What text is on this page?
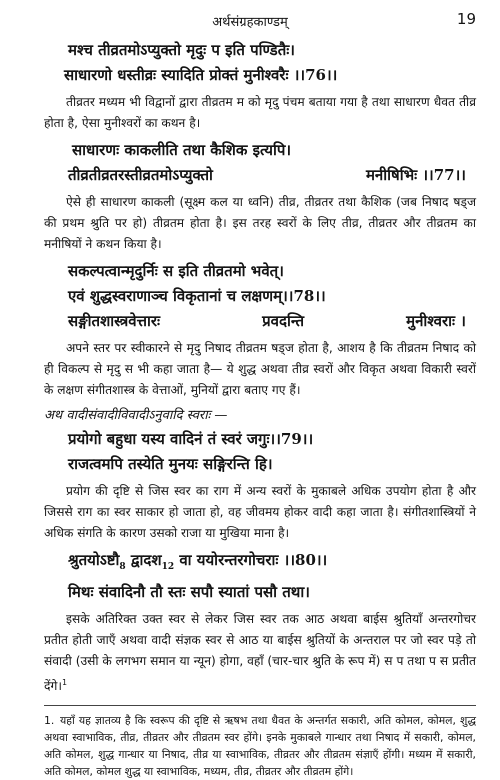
अर्थसंग्रहकाण्डम्	19
मश्च तीव्रतमोऽप्युक्तो मृदुः प इति पण्डितैः।
साधारणो धस्तीव्रः स्यादिति प्रोक्तं मुनीश्वरैः ।।76।।

तीव्रतर मध्यम भी विद्वानों द्वारा तीव्रतम म को मृदु पंचम बताया गया है तथा साधारण धैवत तीव्र होता है, ऐसा मुनीश्वरों का कथन है।

साधारणः काकलीति तथा कैशिक इत्यपि।
तीव्रतीव्रतरस्तीव्रतमोऽप्युक्तो	मनीषिभिः ।।77।।

ऐसे ही साधारण काकली (सूक्ष्म कल या ध्वनि) तीव्र, तीव्रतर तथा कैशिक (जब निषाद षड्ज की प्रथम श्रुति पर हो) तीव्रतम होता है। इस तरह स्वरों के लिए तीव्र, तीव्रतर और तीव्रतम का मनीषियों ने कथन किया है।

सकल्पत्वान्मृदुर्निः स इति तीव्रतमो भवेत्।
एवं शुद्धस्वराणाञ्च विकृतानां च लक्षणम्।।78।।
सङ्गीतशास्त्रवेत्तारः	प्रवदन्ति	मुनीश्वराः ।

अपने स्तर पर स्वीकारने से मृदु निषाद तीव्रतम षड्ज होता है, आशय है कि तीव्रतम निषाद को ही विकल्प से मृदु स भी कहा जाता है— ये शुद्ध अथवा तीव्र स्वरों और विकृत अथवा विकारी स्वरों के लक्षण संगीतशास्त्र के वेत्ताओं, मुनियों द्वारा बताए गए हैं।

अथ वादीसंवादीविवादीऽनुवादि स्वराः —
प्रयोगो बहुधा यस्य वादिनं तं स्वरं जगुः।।79।।
राजत्वमपि तस्येति मुनयः सङ्गिरन्ति हि।

प्रयोग की दृष्टि से जिस स्वर का राग में अन्य स्वरों के मुकाबले अधिक उपयोग होता है और जिससे राग का स्वर साकार हो जाता हो, वह जीवमय होकर वादी कहा जाता है। संगीतशास्त्रियों ने अधिक संगति के कारण उसको राजा या मुखिया माना है।

$श्रुतयोऽष्टौ_8$ द्वादश$_{12}$ वा ययोरन्तरगोचराः ।।80।।
मिथः संवादिनौ तौ स्तः सपौ स्यातां पसौ तथा।

इसके अतिरिक्त उक्त स्वर से लेकर जिस स्वर तक आठ अथवा बाईस श्रुतियाँ अन्तरगोचर प्रतीत होती जाएँ अथवा वादी संज्ञक स्वर से आठ या बाईस श्रुतियों के अन्तराल पर जो स्वर पड़े तो संवादी (उसी के लगभग समान या न्यून) होगा, वहाँ (चार-चार श्रुति के रूप में) स प तथा प स प्रतीत देंगे।$^1$

1. यहाँ यह ज्ञातव्य है कि स्वरूप की दृष्टि से ऋषभ तथा धैवत के अन्तर्गत सकारी, अति कोमल, कोमल, शुद्ध अथवा स्वाभाविक, तीव्र, तीव्रतर और तीव्रतम स्वर होंगे। इनके मुकाबले गान्धार तथा निषाद में सकारी, कोमल, अति कोमल, शुद्ध गान्धार या निषाद, तीव्र या स्वाभाविक, तीव्रतर और तीव्रतम संज्ञाएँ होंगी। मध्यम में सकारी, अति कोमल, कोमल शुद्ध या स्वाभाविक, मध्यम, तीव्र, तीव्रतर और तीव्रतम होंगे।
